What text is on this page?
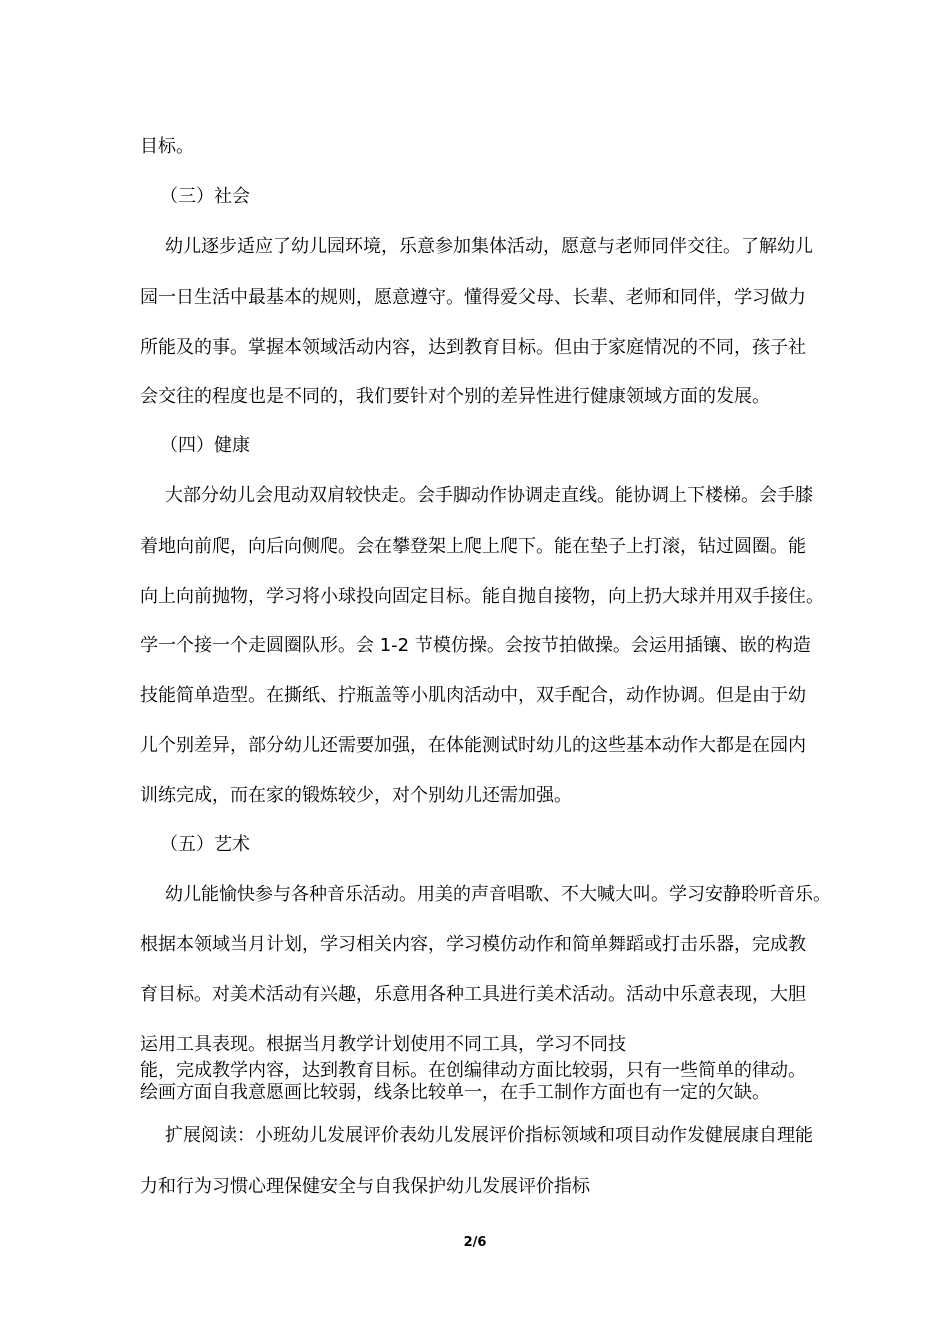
目标。
（三）社会
幼儿逐步适应了幼儿园环境，乐意参加集体活动，愿意与老师同伴交往。了解幼儿
园一日生活中最基本的规则，愿意遵守。懂得爱父母、长辈、老师和同伴，学习做力
所能及的事。掌握本领域活动内容，达到教育目标。但由于家庭情况的不同，孩子社
会交往的程度也是不同的，我们要针对个别的差异性进行健康领域方面的发展。
（四）健康
大部分幼儿会甩动双肩较快走。会手脚动作协调走直线。能协调上下楼梯。会手膝
着地向前爬，向后向侧爬。会在攀登架上爬上爬下。能在垫子上打滚，钻过圆圈。能
向上向前抛物，学习将小球投向固定目标。能自抛自接物，向上扔大球并用双手接住。
学一个接一个走圆圈队形。会 1-2 节模仿操。会按节拍做操。会运用插镶、嵌的构造
技能简单造型。在撕纸、拧瓶盖等小肌肉活动中，双手配合，动作协调。但是由于幼
儿个别差异，部分幼儿还需要加强，在体能测试时幼儿的这些基本动作大都是在园内
训练完成，而在家的锻炼较少，对个别幼儿还需加强。
（五）艺术
幼儿能愉快参与各种音乐活动。用美的声音唱歌、不大喊大叫。学习安静聆听音乐。
根据本领域当月计划，学习相关内容，学习模仿动作和简单舞蹈或打击乐器，完成教
育目标。对美术活动有兴趣，乐意用各种工具进行美术活动。活动中乐意表现，大胆
运用工具表现。根据当月教学计划使用不同工具，学习不同技
能，完成教学内容，达到教育目标。在创编律动方面比较弱，只有一些简单的律动。
绘画方面自我意愿画比较弱，线条比较单一，在手工制作方面也有一定的欠缺。
扩展阅读：小班幼儿发展评价表幼儿发展评价指标领域和项目动作发健展康自理能
力和行为习惯心理保健安全与自我保护幼儿发展评价指标
2/6
